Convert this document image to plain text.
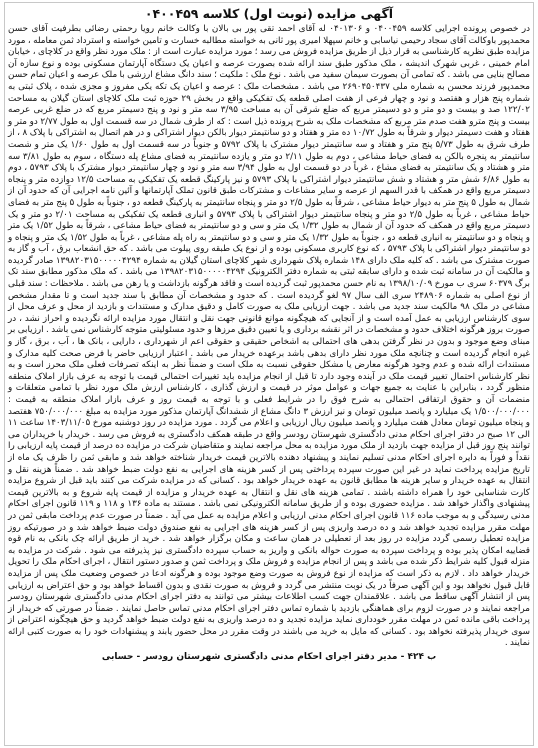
آگهی مزایده (نوبت اول) کلاسه ۰۴۰۰۴۵۹

در خصوص پرونده اجرایی کلاسه ۰۴۰۰۴۵۹ و ۰۴۰۱۳۰۶ له آقای احمد تقی پور بی بالان با وکالت خانم رویا رحمتی رضائی بطرفیت آقای حسن محمدپور باوکالت آقای سجاد رحیمی نیاسابی و خانم سپهلا امیری پور ثانی به خواسته مطالبه خسارت و تامین خواسته و استرداد ثمن معامله ، مورد مزایده طبق نظریه کارشناسی به قرار ذیل از طریق مزایده فروش می رسد ؛ مورد مزایده عبارت است از : ملک مورد نظر واقع در کلاچای ، خیابان امام خمینی ، غربی شهرک اندیشه ، ملک مذکور طبق سند ارائه شده بصورت عرصه و اعیان یک دستگاه آپارتمان مسکونی بوده و نوع سازه آن مصالح بنایی می باشد . که تمامی آن بصورت سیمان سفید می باشد . نوع ملک : ملکیت ؛ سند دانگ مشاع ارزشی با ملک عرصه و اعیان تمام حسن محمدپور فرزند محسن به شماره ملی ۲۶۹۰۴۵۰۴۳۷ می باشد . مشخصات ملک : عرصه و اعیان یک تکه یکی مفروز و مجزی شده ، پلاک ثبتی به شماره پنج هزار و هفتصد و نود و چهار فرعی از هفت اصلی قطعه یک تفکیکی واقع در بخش ۲۹ حوزه ثبت ملک کلاچای استان گیلان به مساحت ۱۲۲/۰۲ صد و بیست و دو متر و دو دسیمتر مربع که ضلع شرقی آن به مساحت ۳/۹۵ سه متر و نود و پنج دسیمتر مربع که در ضلع غربی عرصه بیست و پنج مترو هفت صدم متر مربع که مشخصات ملک به شرح پرونده ذیل است : که از طرف شمال در سه قسمت اول به طول ۲/۷۷ دو متر و هفتاد و هفت دسیمتر دیوار و شرقاً به طول ۱۰/۷۲ ده متر و هفتاد و دو سانتیمتر دیوار بالکن دیوار اشتراکی و در هم اتصال به اشتراکی با پلاک ۸ ، از طرف شرق به طول ۵/۷۳ پنج متر و هفتاد و سه سانتیمتر دیوار مشترک با پلاک ۵۷۹۲ و جنوباً در سه قسمت اول به طول ۱/۶۰ یک متر و شصت سانتیمتر به پنجره بالکن به فضای حیاط مشاعی ، دوم به طول ۲/۱۱ دو متر و یازده سانتیمتر به فضای مشاع پله دستگاه ، سوم به طول ۳/۸۱ سه متر و هشتاد و یک سانتیمتر به فضای مشاع ، غرباً در دو قسمت اول به طول ۳/۹۴ سه متر و نود و چهار سانتیمتر دیوار مشترک با پلاک ۵۷۹۳ ، دوم به طول ۶/۸۶ شش متر و هشتاد و شش سانتیمتر دیوار اشتراکی با پلاک ۵۷۹۳ و نیز پارکینگ قطعه یک تفکیکی به مساحت ۱۲/۵ دوازده متر و پنجاه دسیمتر مربع واقع در همکف با قدر السهم از عرصه و سایر مشاعات و مشترکات طبق قانون تملک آپارتمانها و آئین نامه اجرایی آن که حدود آن از شمال به طول ۵ پنج متر به دیوار حیاط مشاعی ، شرقاً به طول ۲/۵ دو متر و پنجاه سانتیمتر به پارکینگ قطعه دو ، جنوباً به طول ۵ پنج متر به فضای حیاط مشاعی ، غرباً به طول ۲/۵ دو متر و پنجاه سانتیمتر دیوار اشتراکی با پلاک ۵۷۹۳ و انباری قطعه یک تفکیکی به مساحت ۲/۰۱ دو متر و یک دسیمتر مربع واقع در همکف که حدود آن از شمال به طول ۱/۳۲ یک متر و سی و دو سانتیمتر به فضای حیاط مشاعی ، شرقاً به طول ۱/۵۲ یک متر و پنجاه و دو سانتیمتر به انباری قطعه دو ، جنوباً به طول ۱/۳۲ یک متر و سی و دو سانتیمتر به راه پله مشاعی ، غرباً به طول ۱/۵۲ یک متر و پنجاه و دو سانتیمتر دیوار اشتراکی با پلاک ۵۷۹۳ ، که نوع کاربری مسکونی بوده و از نوع یک طبقه روی پیلوت می باشد . که حق انشعاب برق ، آب و گاز به صورت مشترک می باشد . که کلیه ملک دارای ۱۴۸ شماره پلاک شهرداری شهر کلاچای استان گیلان به شماره ۱۳۹۸۲۰۳۱۵۰۰۰۰۰۴۲۹۴ صادر گردیده و مالکیت آن در سامانه ثبت شده و دارای سابقه ثبتی به شماره دفتر الکترونیک ۱۳۹۸۲۰۳۱۵۰۰۰۰۰۴۲۹۴ می باشد . که ملک مذکور مطابق سند تک برگ ۶۰۳۷۹ سری ب مورخ ۱۳۹۸/۱۰/۰۹ به نام حسن محمدپور ثبت گردیده است و فاقد هرگونه بازداشت و یا رهن می باشد . ملاحظات : سند قبلی از نوع اصلی به شماره ۲۴۸۹۰۶ سری الف سال ۹۷ لغو گردیده است . که حدود و مشخصات آن مطابق با سند جدید است و تا مقدار مشخص مشاعی در ملک ۹۸ مالکیت سند جدید می باشد . جهت ارزیابی ملک به صورت کامل و دقیق مدارک و مستندات و بازدید از محل و عرف محل از سوی کارشناس ارزیابی به عمل آمده است و از آنجایی که هیچگونه موانع قانونی جهت نقل و انتقال مورد مزایده ارائه نگردیده و احراز نشد ، در صورت بروز هرگونه اختلاف حدود و مشخصات در اثر نقشه برداری و یا تعیین دقیق مرزها و حدود مسئولیتی متوجه کارشناس نمی باشد . ارزیابی بر مبنای وضع موجود و بدون در نظر گرفتن بدهی های احتمالی به اشخاص حقیقی و حقوقی اعم از شهرداری ، دارایی ، بانک ها ، آب ، برق ، گاز و غیره انجام گردیده است و چنانچه ملک مورد نظر دارای بدهی باشد برعهده خریدار می باشد . اعتبار ارزیابی حاضر با فرض صحت کلیه مدارک و مستندات ارائه شده و عدم وجود هرگونه معارض یا مشکل حقوقی نسبت به ملک است و ضمناً نظر به اینکه تصرفات فعلی ملک محرز است و به نظر کارشناس احتمال تغییر قیمت ملک در آینده وجود دارد تا قبل از انجام مزایده باید تغییرات احتمالی قیمت با توجه به عرف بازار املاک منطقه منظور گردد ، بنابراین با عنایت به جمیع جهات و عوامل موثر در قیمت و ارزش گذاری ، کارشناس ارزش ملک مورد نظر با تمامی متعلقات و منضمات آن و حقوق ارتفاقی احتمالی به شرح فوق را در شرایط فعلی و با توجه به قیمت روز و عرف بازار املاک منطقه به قیمت : ۱/۵۰۰/۰۰۰/۰۰۰ یک میلیارد و پانصد میلیون تومان و نیز ارزش ۳ دانگ مشاع از ششدانگ آپارتمان مذکور مورد مزایده به مبلغ ۷۵۰/۰۰۰/۰۰۰ هفتصد و پنجاه میلیون تومان معادل هفت میلیارد و پانصد میلیون ریال ارزیابی و اعلام می گردد . مورد مزایده در روز دوشنبه مورخ ۱۴۰۳/۱۱/۰۵ ساعت ۱۱ الی ۱۲ صبح در دفتر اجرای احکام مدنی دادگستری شهرستان رودسر واقع در طبقه همکف دادگستری به فروش می رسد . خریدار یا خریداران می توانند پنج روز قبل از مزایده جهت بازدید از ملک مورد مزایده به محل مراجعه نمایند و متقاضیان شرکت در مزایده ده درصد از قیمت پایه ارزیابی را نقداً و فوراً به دایره اجرای احکام مدنی تسلیم نمایند و پیشنهاد دهنده بالاترین قیمت خریدار شناخته خواهد شد و مابقی ثمن را ظرف یک ماه از تاریخ مزایده پرداخت نماید در غیر این صورت سپرده پرداختی پس از کسر هزینه های اجرایی به نفع دولت ضبط خواهد شد . ضمناً هزینه نقل و انتقال به عهده خریدار و سایر هزینه ها مطابق قانون به عهده خریدار خواهد بود . کسانی که در مزایده شرکت می کنند باید قبل از شروع مزایده کارت شناسایی خود را همراه داشته باشند . تمامی هزینه های نقل و انتقال به عهده خریدار و مزایده از قیمت پایه شروع و به بالاترین قیمت پیشنهادی واگذار خواهد شد . مزایده حضوری بوده و از طریق سامانه الکترونیکی نمی باشد . مستند به ماده ۱۳۶ و ۱۱۸ و ۱۱۹ قانون اجرای احکام مدنی رسیدگی و به موجب ماده ۱۱۶ قانون اجرای احکام مدنی ارزیابی و اعلام مزایده به عمل می آید . ضمناً در صورت عدم پرداخت مابقی ثمن در مهلت مقرر مزایده تجدید خواهد شد و ده درصد واریزی پس از کسر هزینه های اجرایی به نفع صندوق دولت ضبط خواهد شد و در صورتیکه روز مزایده تعطیل رسمی گردد مزایده در روز بعد از تعطیلی در همان ساعت و مکان برگزار خواهد شد . خرید از طریق ارائه چک بانکی به نام قوه قضاییه امکان پذیر بوده و پرداخت سپرده به صورت حواله بانکی و واریز به حساب سپرده دادگستری نیز پذیرفته می شود . شرکت در مزایده به منزله قبول کلیه شرایط ذکر شده می باشد و پس از انجام مزایده و فروش ملک و پرداخت ثمن و صدور دستور انتقال ، اجرای احکام ملک را تحویل خریدار خواهد داد . لازم به ذکر است که مزایده از نوع فروش به صورت وضع موجود بوده و هرگونه ادعا در خصوص وضعیت ملک پس از مزایده قابل قبول نخواهد بود و این آگهی صرفاً در یک نوبت منتشر می گردد و فروش به صورت نقدی و بدون اقساط خواهد بود و حق اعتراض به ارزیابی پس از انتشار آگهی ساقط می باشد . علاقمندان جهت کسب اطلاعات بیشتر می توانند به دفتر اجرای احکام مدنی دادگستری شهرستان رودسر مراجعه نمایند و در صورت لزوم برای هماهنگی بازدید با شماره تماس دفتر اجرای احکام مدنی تماس حاصل نمایند . ضمناً در صورتی که خریدار از پرداخت باقی مانده ثمن در مهلت مقرر خودداری نماید مزایده تجدید و ده درصد واریزی به نفع دولت ضبط خواهد گردید و حق هیچگونه اعتراض از سوی خریدار پذیرفته نخواهد بود . کسانی که مایل به خرید می باشند در وقت مقرر در محل حضور یابند و پیشنهادات خود را به صورت کتبی ارائه نمایند .

ب ۴۲۴ - مدیر دفتر اجرای احکام مدنی دادگستری شهرستان رودسر - حسابی
